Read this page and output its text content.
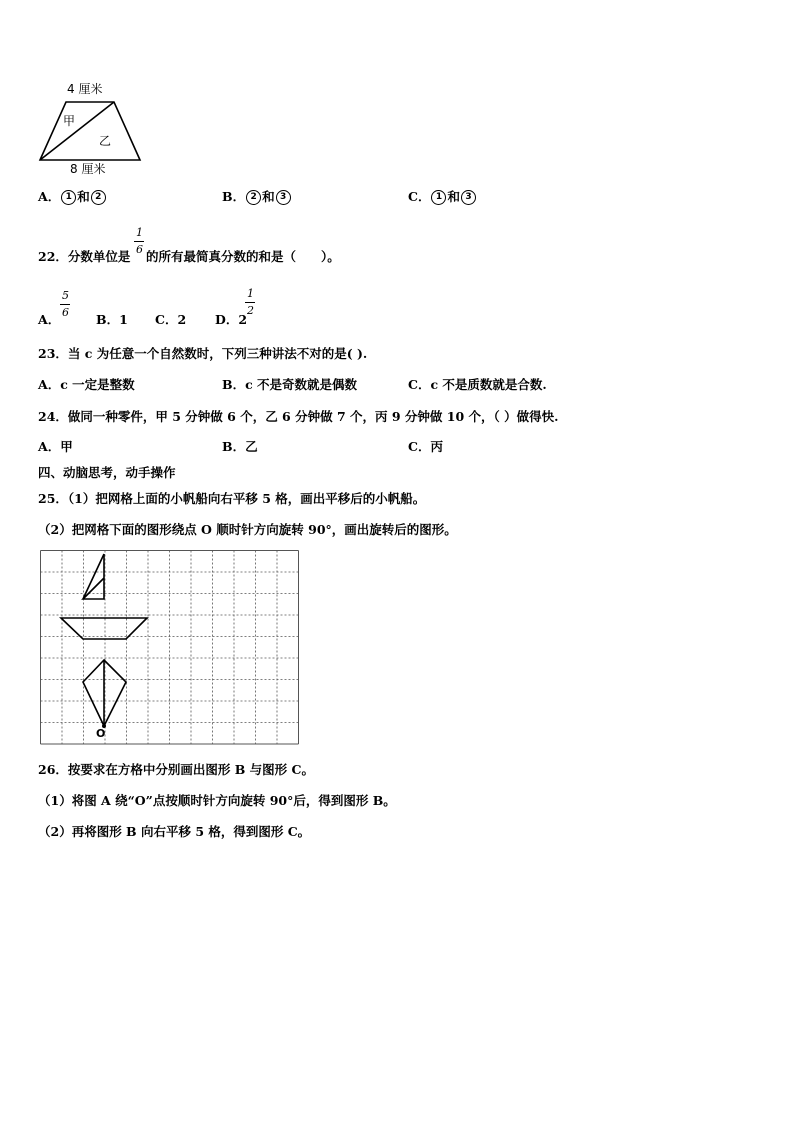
4 厘米
甲
乙
8 厘米
A． 1 和 2	B． 2 和 3	C． 1 和 3
22．分数单位是
1
6 的所有最简真分数的和是（　　）。
A．
5
6 B．1 C．2 D．2
1
2
23．当 c 为任意一个自然数时，下列三种讲法不对的是( ).
A．c 一定是整数	B．c 不是奇数就是偶数	C．c 不是质数就是合数.
24．做同一种零件，甲 5 分钟做 6 个，乙 6 分钟做 7 个，丙 9 分钟做 10 个，（ ）做得快.
A．甲	B．乙	C．丙
四、动脑思考，动手操作
25．（1）把网格上面的小帆船向右平移 5 格，画出平移后的小帆船。
（2）把网格下面的图形绕点 O 顺时针方向旋转 90°，画出旋转后的图形。
O
26．按要求在方格中分别画出图形 B 与图形 C。
（1）将图 A 绕“O”点按顺时针方向旋转 90°后，得到图形 B。
（2）再将图形 B 向右平移 5 格，得到图形 C。
